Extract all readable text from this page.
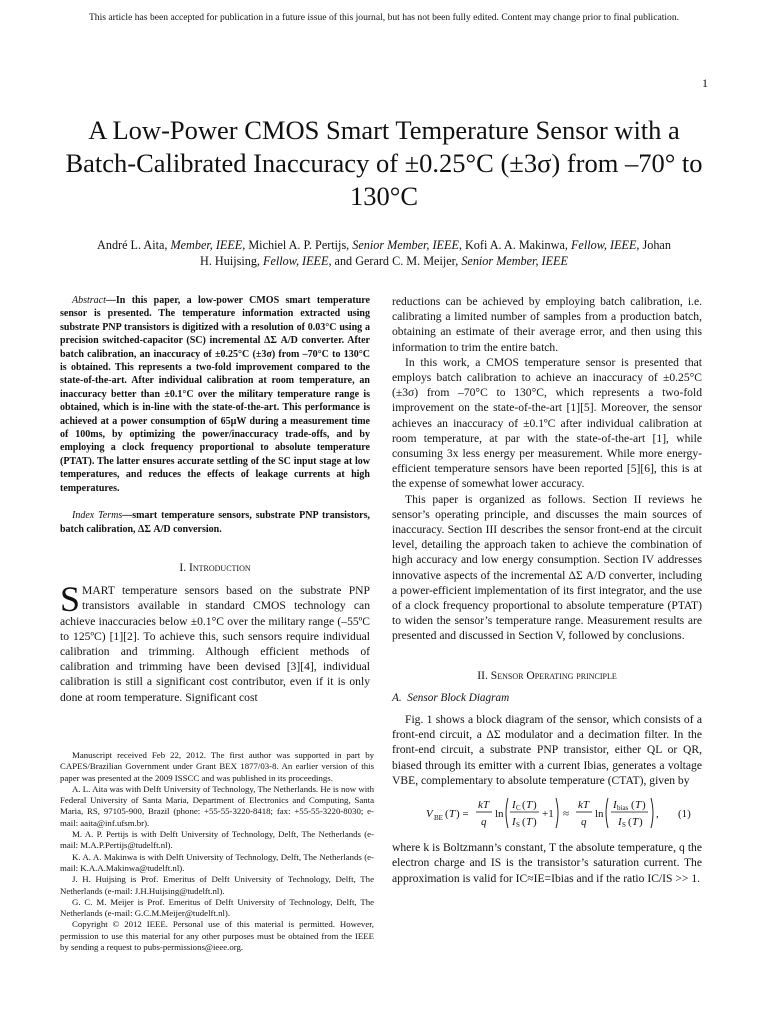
This article has been accepted for publication in a future issue of this journal, but has not been fully edited. Content may change prior to final publication.
1
A Low-Power CMOS Smart Temperature Sensor with a Batch-Calibrated Inaccuracy of ±0.25°C (±3σ) from –70° to 130°C
André L. Aita, Member, IEEE, Michiel A. P. Pertijs, Senior Member, IEEE, Kofi A. A. Makinwa, Fellow, IEEE, Johan H. Huijsing, Fellow, IEEE, and Gerard C. M. Meijer, Senior Member, IEEE

Abstract—In this paper, a low-power CMOS smart temperature sensor is presented. The temperature information extracted using substrate PNP transistors is digitized with a resolution of 0.03°C using a precision switched-capacitor (SC) incremental ΔΣ A/D converter. After batch calibration, an inaccuracy of ±0.25°C (±3σ) from –70°C to 130°C is obtained. This represents a two-fold improvement compared to the state-of-the-art. After individual calibration at room temperature, an inaccuracy better than ±0.1°C over the military temperature range is obtained, which is in-line with the state-of-the-art. This performance is achieved at a power consumption of 65µW during a measurement time of 100ms, by optimizing the power/inaccuracy trade-offs, and by employing a clock frequency proportional to absolute temperature (PTAT). The latter ensures accurate settling of the SC input stage at low temperatures, and reduces the effects of leakage currents at high temperatures.

Index Terms—smart temperature sensors, substrate PNP transistors, batch calibration, ΔΣ A/D conversion.

I. Introduction

SMART temperature sensors based on the substrate PNP transistors available in standard CMOS technology can achieve inaccuracies below ±0.1°C over the military range (–55ºC to 125ºC) [1][2]. To achieve this, such sensors require individual calibration and trimming. Although efficient methods of calibration and trimming have been devised [3][4], individual calibration is still a significant cost contributor, even if it is only done at room temperature. Significant cost

Manuscript received Feb 22, 2012. The first author was supported in part by CAPES/Brazilian Government under Grant BEX 1877/03-8. An earlier version of this paper was presented at the 2009 ISSCC and was published in its proceedings.

A. L. Aita was with Delft University of Technology, The Netherlands. He is now with Federal University of Santa Maria, Department of Electronics and Computing, Santa Maria, RS, 97105-900, Brazil (phone: +55-55-3220-8418; fax: +55-55-3220-8030; e-mail: aaita@inf.ufsm.br).

M. A. P. Pertijs is with Delft University of Technology, Delft, The Netherlands (e-mail: M.A.P.Pertijs@tudelft.nl).

K. A. A. Makinwa is with Delft University of Technology, Delft, The Netherlands (e-mail: K.A.A.Makinwa@tudelft.nl).

J. H. Huijsing is Prof. Emeritus of Delft University of Technology, Delft, The Netherlands (e-mail: J.H.Huijsing@tudelft.nl).

G. C. M. Meijer is Prof. Emeritus of Delft University of Technology, Delft, The Netherlands (e-mail: G.C.M.Meijer@tudelft.nl).

Copyright © 2012 IEEE. Personal use of this material is permitted. However, permission to use this material for any other purposes must be obtained from the IEEE by sending a request to pubs-permissions@ieee.org.

reductions can be achieved by employing batch calibration, i.e. calibrating a limited number of samples from a production batch, obtaining an estimate of their average error, and then using this information to trim the entire batch.

In this work, a CMOS temperature sensor is presented that employs batch calibration to achieve an inaccuracy of ±0.25°C (±3σ) from –70°C to 130°C, which represents a two-fold improvement on the state-of-the-art [1][5]. Moreover, the sensor achieves an inaccuracy of ±0.1ºC after individual calibration at room temperature, at par with the state-of-the-art [1], while consuming 3x less energy per measurement. While more energy-efficient temperature sensors have been reported [5][6], this is at the expense of somewhat lower accuracy.

This paper is organized as follows. Section II reviews he sensor’s operating principle, and discusses the main sources of inaccuracy. Section III describes the sensor front-end at the circuit level, detailing the approach taken to achieve the combination of high accuracy and low energy consumption. Section IV addresses innovative aspects of the incremental ΔΣ A/D converter, including a power-efficient implementation of its first integrator, and the use of a clock frequency proportional to absolute temperature (PTAT) to widen the sensor’s temperature range. Measurement results are presented and discussed in Section V, followed by conclusions.

II. Sensor Operating principle
A. Sensor Block Diagram

Fig. 1 shows a block diagram of the sensor, which consists of a front-end circuit, a ΔΣ modulator and a decimation filter. In the front-end circuit, a substrate PNP transistor, either QL or QR, biased through its emitter with a current Ibias, generates a voltage VBE, complementary to absolute temperature (CTAT), given by

V BE ( T ) =
kT
q
ln
I C ( T )
I S ( T )
+1 ≈
kT
q
ln
I bias ( T )
I S ( T )
, (1)

where k is Boltzmann’s constant, T the absolute temperature, q the electron charge and IS is the transistor’s saturation current. The approximation is valid for IC≈IE=Ibias and if the ratio IC/IS >> 1.
